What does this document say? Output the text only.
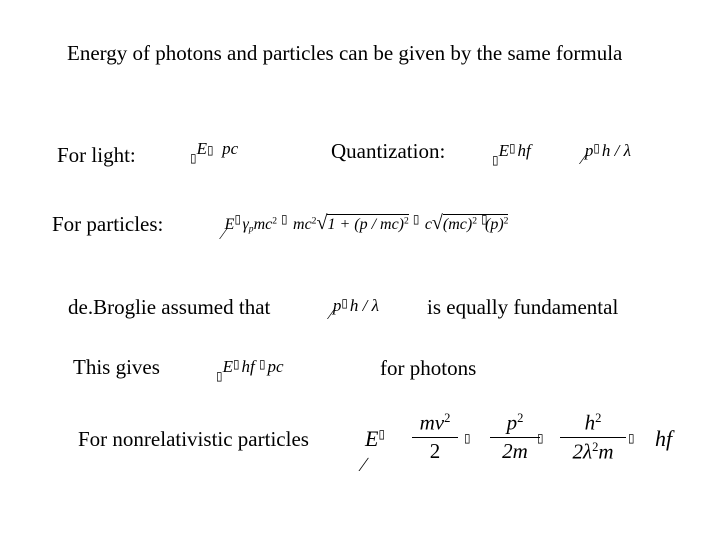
Energy of photons and particles can be given by the same formula
For light:	$_▯$E▯ pc	Quantization:	$_▯$E ▯ hf	∕p ▯ h / λ
For particles:	∕E ▯ $\gamma_pmc^2$ ▯ $mc^2√1 + (p / mc)^2$ ▯ c√(mc)$^2$ ▯
$(p)^2$
de.Broglie assumed that	∕p ▯ h / λ is equally fundamental
This gives	$_▯$E ▯ hf ▯ pc	for photons
For nonrelativistic particles	E ▯
∕
$mv^2$
2
▯
$p^2$
2m
▯
$h^2$
$2\lambda^2m$
▯ hf
